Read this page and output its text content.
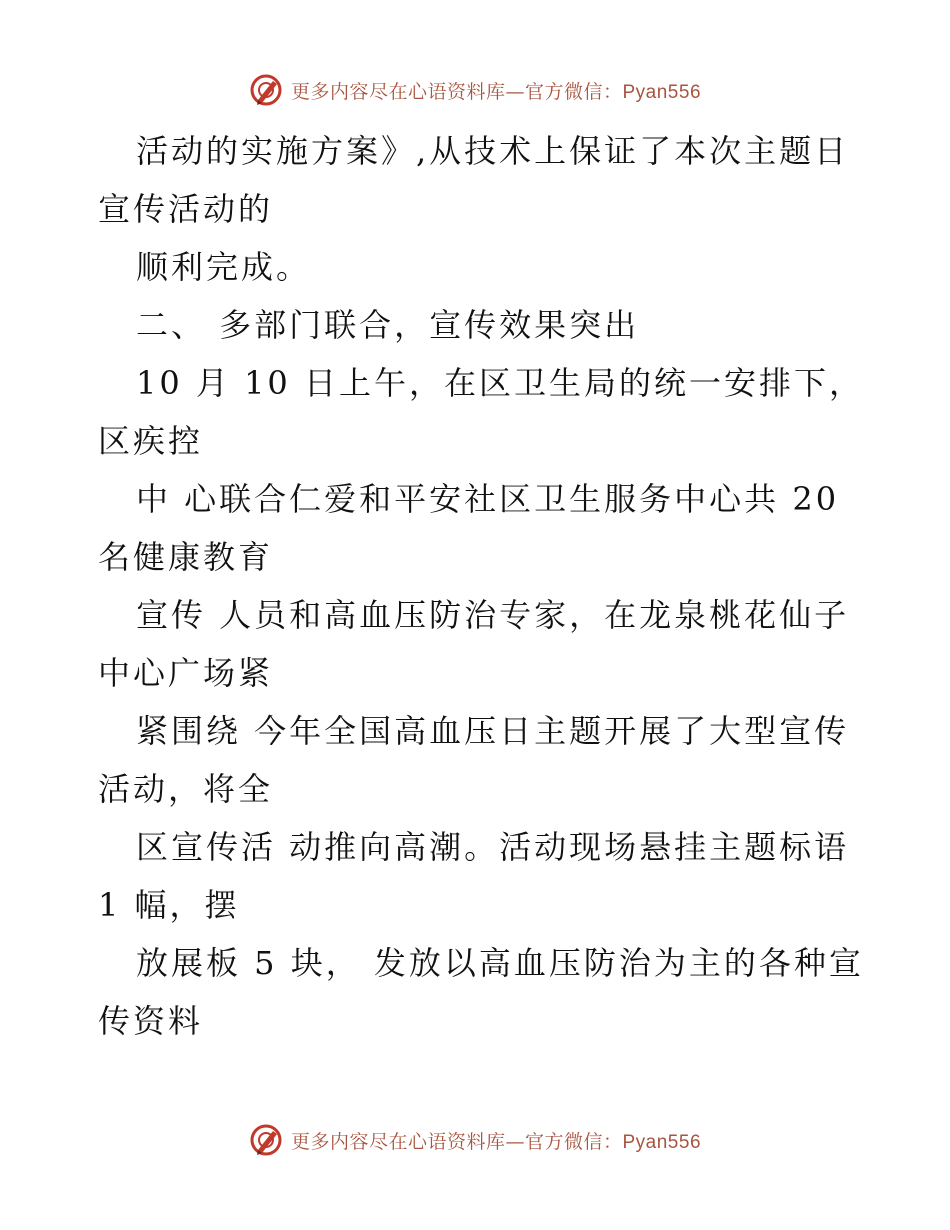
更多内容尽在心语资料库—官方微信：Pyan556
活动的实施方案》,从技术上保证了本次主题日
宣传活动的
顺利完成。
二、 多部门联合，宣传效果突出
10 月 10 日上午，在区卫生局的统一安排下，
区疾控
中 心联合仁爱和平安社区卫生服务中心共 20
名健康教育
宣传 人员和高血压防治专家，在龙泉桃花仙子
中心广场紧
紧围绕 今年全国高血压日主题开展了大型宣传
活动，将全
区宣传活 动推向高潮。活动现场悬挂主题标语
1 幅，摆
放展板 5 块， 发放以高血压防治为主的各种宣
传资料
更多内容尽在心语资料库—官方微信：Pyan556
